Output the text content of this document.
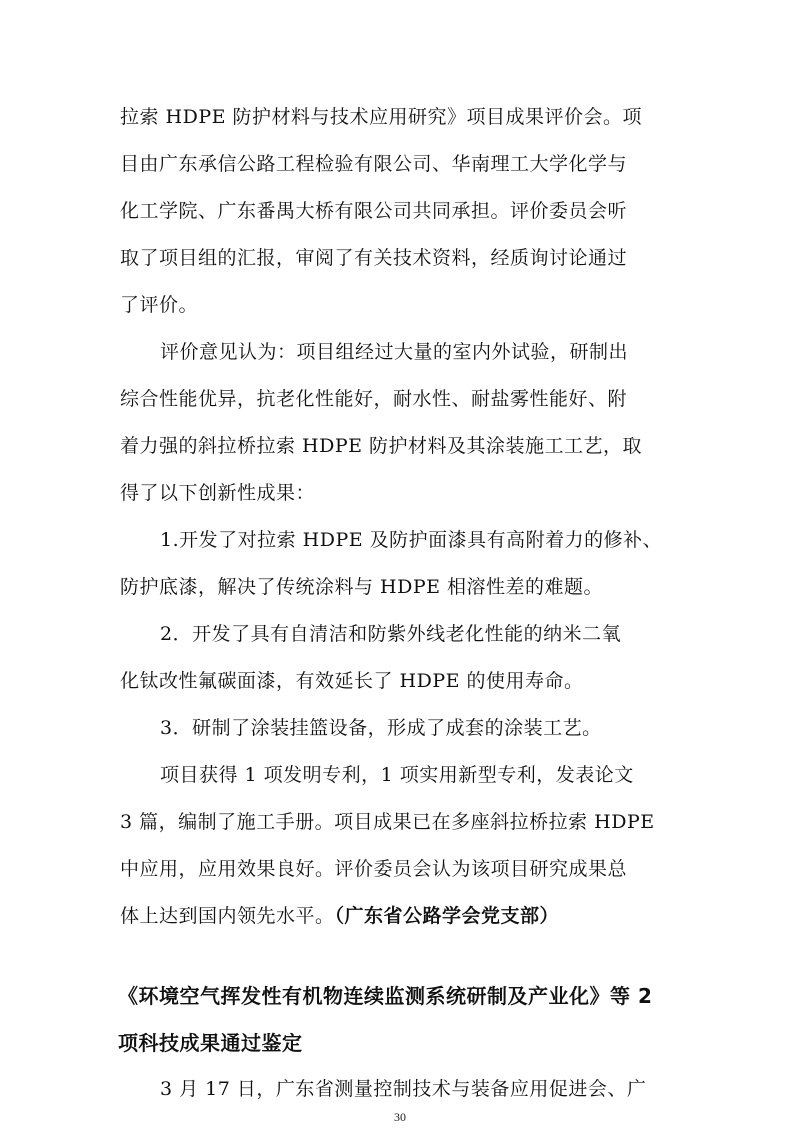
拉索 HDPE 防护材料与技术应用研究》项目成果评价会。项
目由广东承信公路工程检验有限公司、华南理工大学化学与
化工学院、广东番禺大桥有限公司共同承担。评价委员会听
取了项目组的汇报，审阅了有关技术资料，经质询讨论通过
了评价。
评价意见认为：项目组经过大量的室内外试验，研制出
综合性能优异，抗老化性能好，耐水性、耐盐雾性能好、附
着力强的斜拉桥拉索 HDPE 防护材料及其涂装施工工艺，取
得了以下创新性成果：
1.开发了对拉索 HDPE 及防护面漆具有高附着力的修补、
防护底漆，解决了传统涂料与 HDPE 相溶性差的难题。
2．开发了具有自清洁和防紫外线老化性能的纳米二氧
化钛改性氟碳面漆，有效延长了 HDPE 的使用寿命。
3．研制了涂装挂篮设备，形成了成套的涂装工艺。
项目获得 1 项发明专利，1 项实用新型专利，发表论文
3 篇，编制了施工手册。项目成果已在多座斜拉桥拉索 HDPE
中应用，应用效果良好。评价委员会认为该项目研究成果总
体上达到国内领先水平。（广东省公路学会党支部）
《环境空气挥发性有机物连续监测系统研制及产业化》等 2
项科技成果通过鉴定
3 月 17 日，广东省测量控制技术与装备应用促进会、广
30
